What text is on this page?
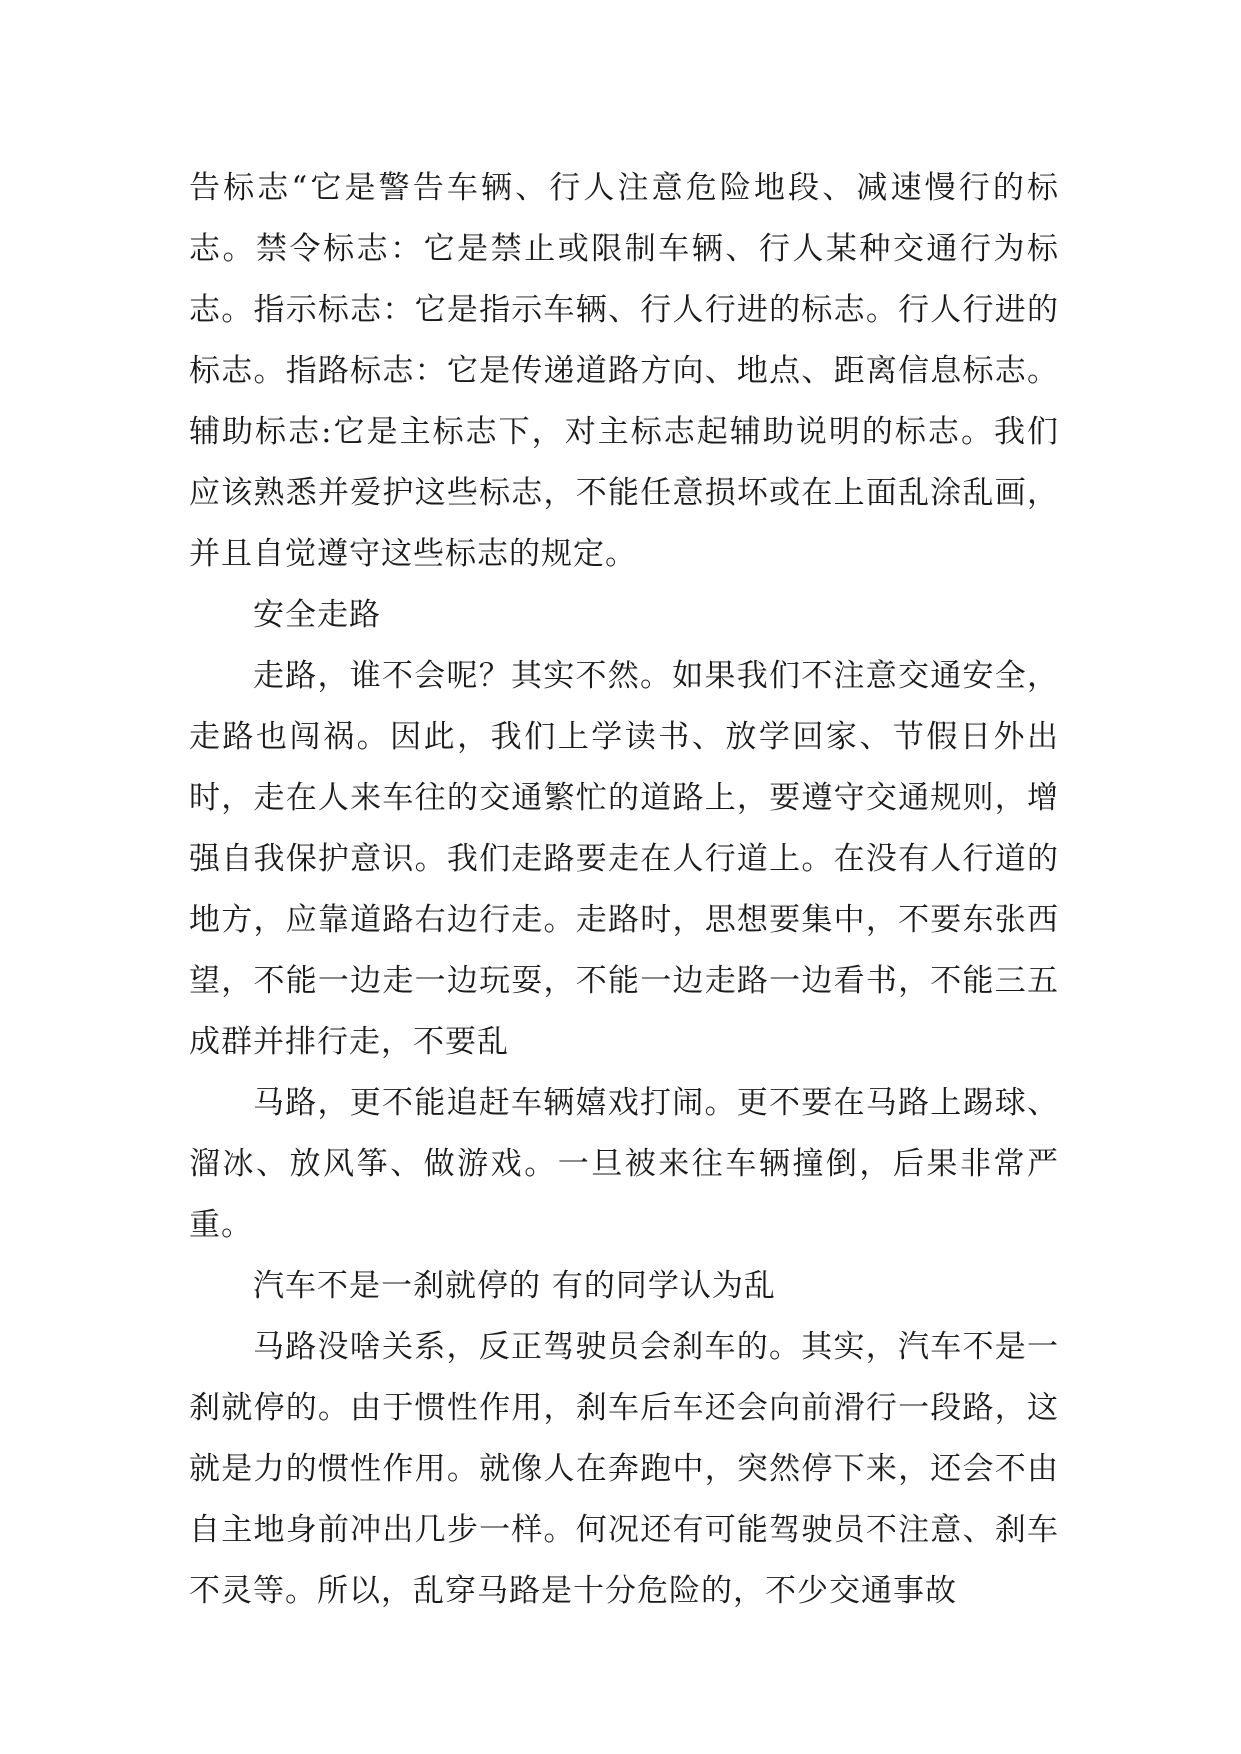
告标志“它是警告车辆、行人注意危险地段、减速慢行的标志。禁令标志：它是禁止或限制车辆、行人某种交通行为标志。指示标志：它是指示车辆、行人行进的标志。行人行进的标志。指路标志：它是传递道路方向、地点、距离信息标志。辅助标志:它是主标志下，对主标志起辅助说明的标志。我们应该熟悉并爱护这些标志，不能任意损坏或在上面乱涂乱画，并且自觉遵守这些标志的规定。

安全走路

走路，谁不会呢？其实不然。如果我们不注意交通安全，走路也闯祸。因此，我们上学读书、放学回家、节假日外出时，走在人来车往的交通繁忙的道路上，要遵守交通规则，增强自我保护意识。我们走路要走在人行道上。在没有人行道的地方，应靠道路右边行走。走路时，思想要集中，不要东张西望，不能一边走一边玩耍，不能一边走路一边看书，不能三五成群并排行走，不要乱

马路，更不能追赶车辆嬉戏打闹。更不要在马路上踢球、溜冰、放风筝、做游戏。一旦被来往车辆撞倒，后果非常严重。

汽车不是一刹就停的 有的同学认为乱

马路没啥关系，反正驾驶员会刹车的。其实，汽车不是一刹就停的。由于惯性作用，刹车后车还会向前滑行一段路，这就是力的惯性作用。就像人在奔跑中，突然停下来，还会不由自主地身前冲出几步一样。何况还有可能驾驶员不注意、刹车不灵等。所以，乱穿马路是十分危险的，不少交通事故
